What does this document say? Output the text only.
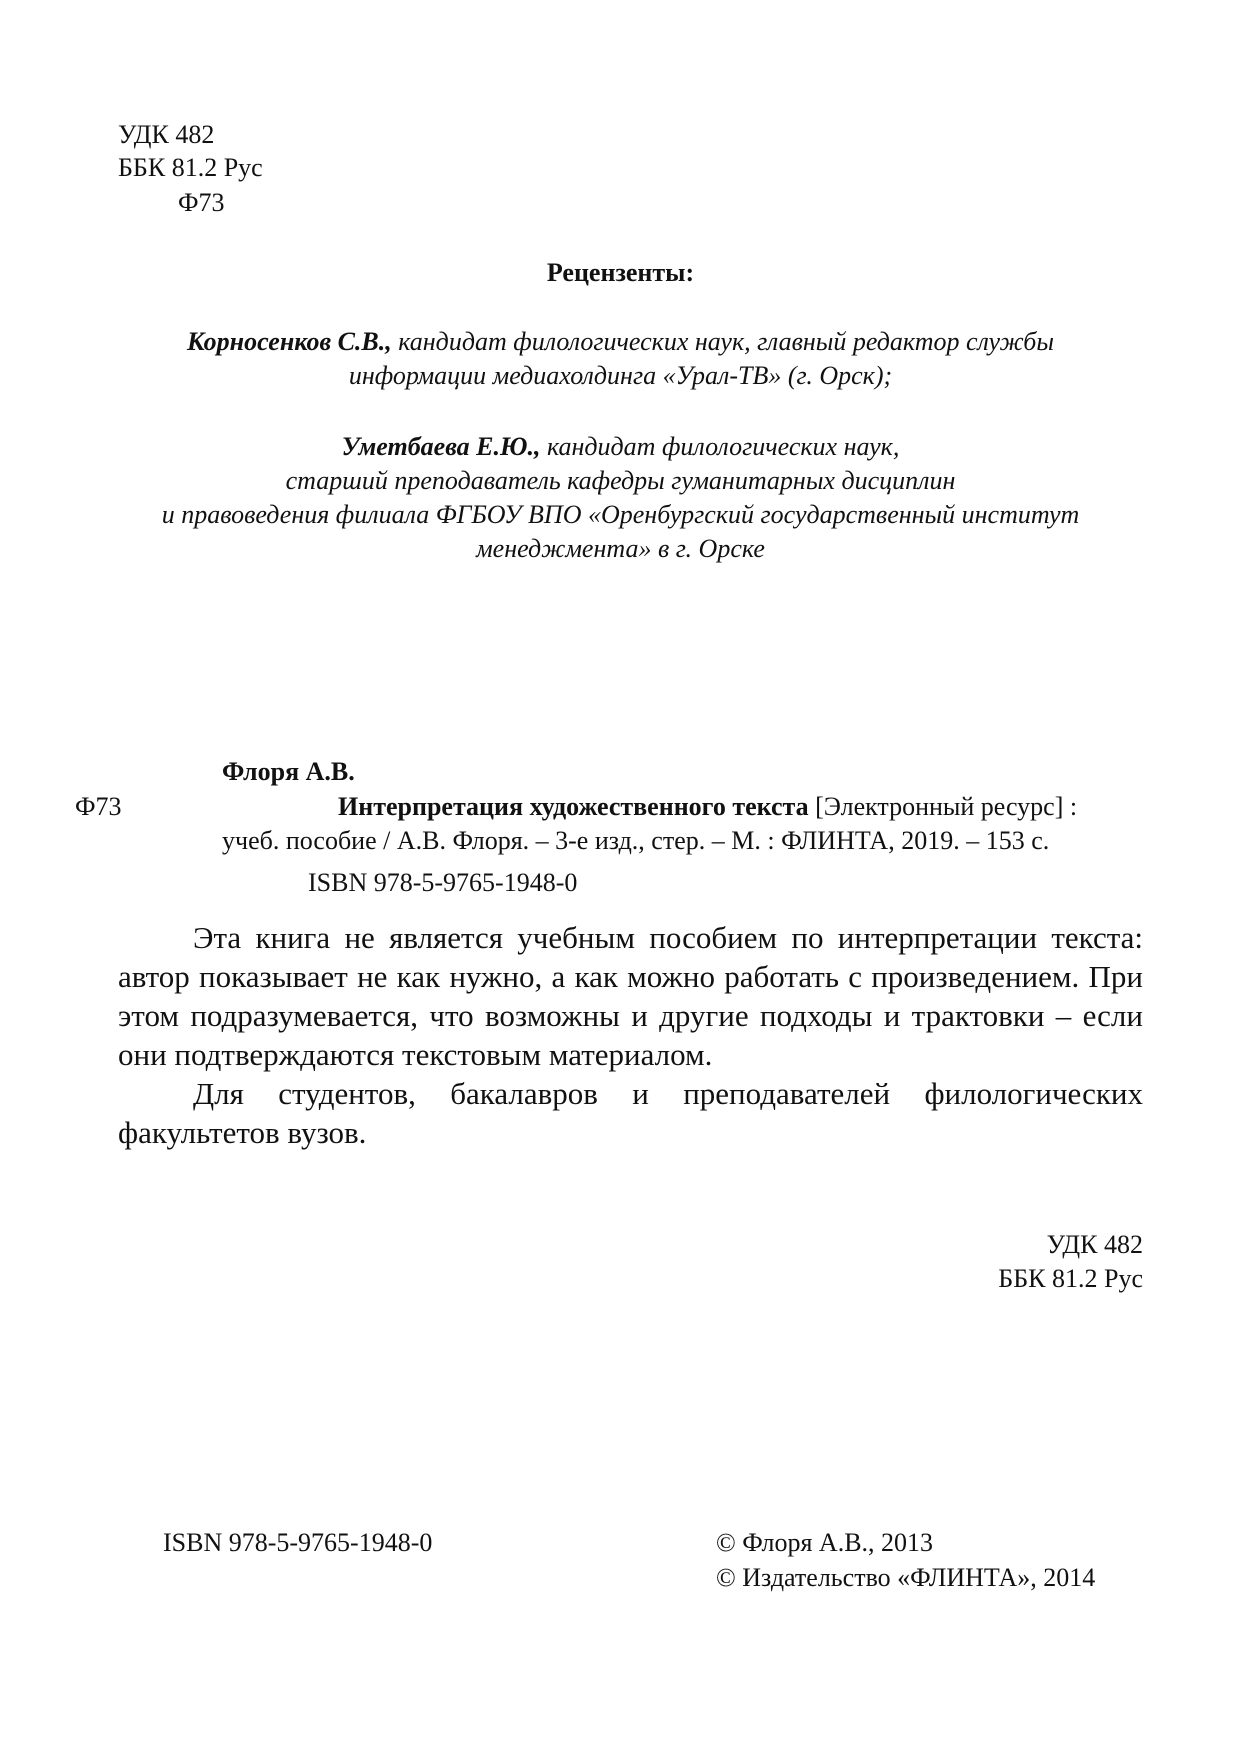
УДК 482
ББК 81.2 Рус
Ф73
Рецензенты:
Корносенков С.В., кандидат филологических наук, главный редактор службы
информации медиахолдинга «Урал-ТВ» (г. Орск);
Уметбаева Е.Ю., кандидат филологических наук,
старший преподаватель кафедры гуманитарных дисциплин
и правоведения филиала ФГБОУ ВПО «Оренбургский государственный институт
менеджмента» в г. Орске
Флоря А.В.
Ф73	Интерпретация художественного текста [Электронный ресурс] :
учеб. пособие / А.В. Флоря. – 3-е изд., стер. – М. : ФЛИНТА, 2019. – 153 с.
ISBN 978-5-9765-1948-0

Эта книга не является учебным пособием по интерпретации текста: автор показывает не как нужно, а как можно работать с произведением. При этом подразумевается, что возможны и другие подходы и трактовки – если они подтверждаются текстовым материалом.

Для студентов, бакалавров и преподавателей филологических факультетов вузов.

УДК 482
ББК 81.2 Рус
ISBN 978-5-9765-1948-0	© Флоря А.В., 2013
© Издательство «ФЛИНТА», 2014
